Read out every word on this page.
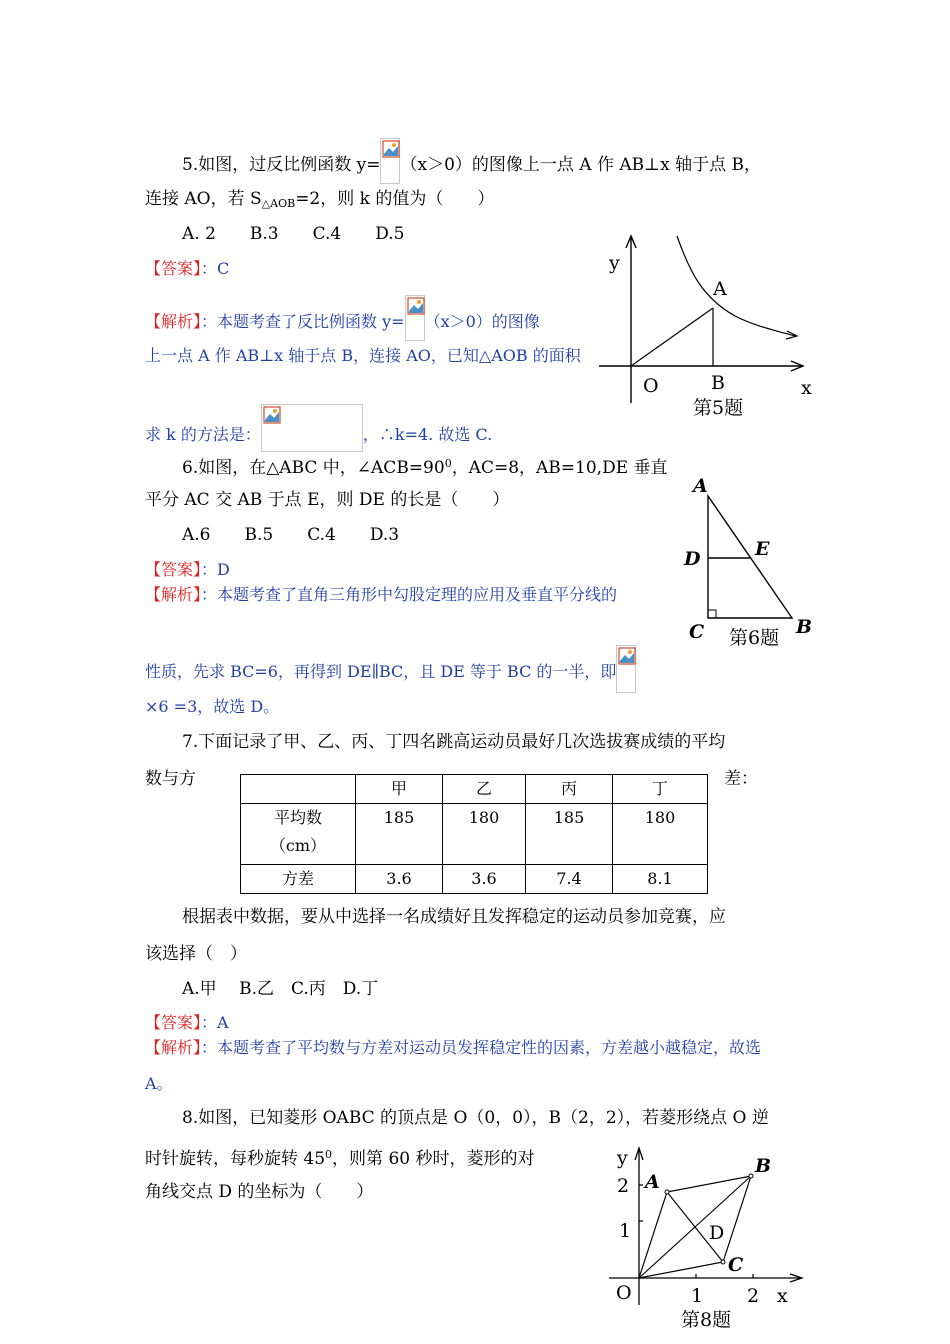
5.如图，过反比例函数 y= （x＞0）的图像上一点 A 作 AB⊥x 轴于点 B，
连接 AO，若 $S_{\triangle AOB}=2$，则 k 的值为（　　）
A. 2　　B.3　　C.4　　D.5
【答案】：C
【解析】：本题考查了反比例函数 y= （x＞0）的图像
上一点 A 作 AB⊥x 轴于点 B，连接 AO，已知△AOB 的面积
求 k 的方法是：	，∴k=4. 故选 C.
y
A
O	B	x
第5题
6.如图，在△ABC 中，$\angle ACB=90^0$，AC=8，AB=10,DE 垂直
平分 AC 交 AB 于点 E，则 DE 的长是（　　）
A.6　　B.5　　C.4　　D.3
【答案】：D
【解析】：本题考查了直角三角形中勾股定理的应用及垂直平分线的
性质，先求 BC=6，再得到 DE∥BC，且 DE 等于 BC 的一半，即
×6 =3，故选 D。
A
D	E
C	B
第6题
7.下面记录了甲、乙、丙、丁四名跳高运动员最好几次选拔赛成绩的平均
数与方	差：
	甲	乙	丙	丁

平均数
（cm）	185	180	185	180
方差	3.6	3.6	7.4	8.1
根据表中数据，要从中选择一名成绩好且发挥稳定的运动员参加竞赛，应
该选择（　）
A.甲　 B.乙　C.丙　D.丁
【答案】：A
【解析】：本题考查了平均数与方差对运动员发挥稳定性的因素，方差越小越稳定，故选
A。
8.如图，已知菱形 OABC 的顶点是 O（0，0），B（2，2），若菱形绕点 O 逆
时针旋转，每秒旋转 $45^0$，则第 60 秒时，菱形的对
角线交点 D 的坐标为（　　）
y
2
1
A
B
D
C
O	1 2 x
第8题
